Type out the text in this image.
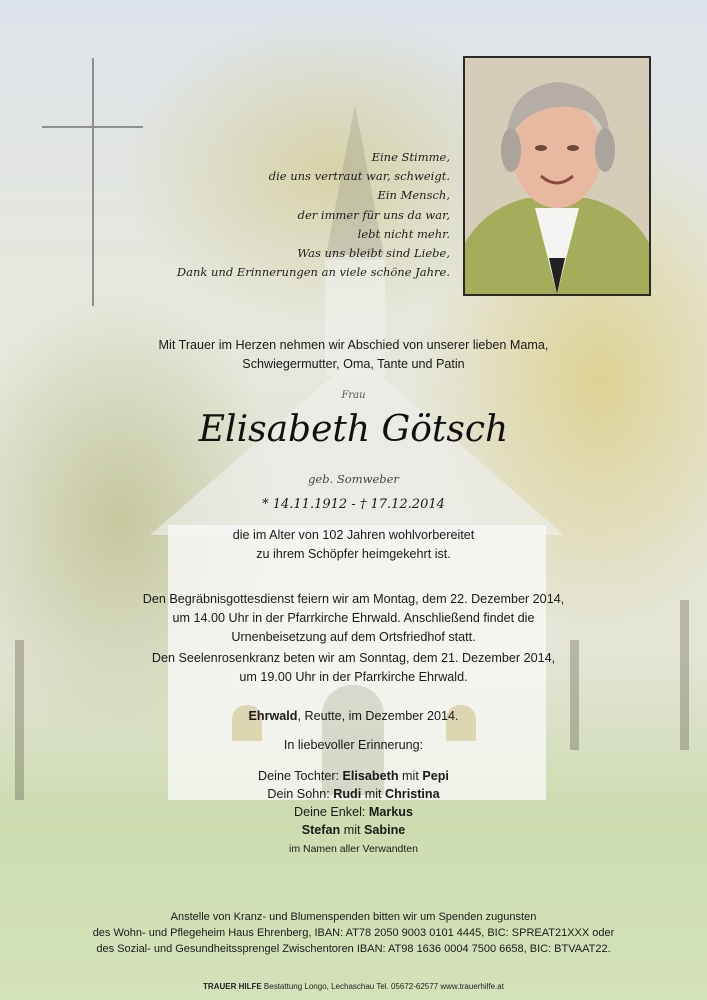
Eine Stimme,
die uns vertraut war, schweigt.
Ein Mensch,
der immer für uns da war,
lebt nicht mehr.
Was uns bleibt sind Liebe,
Dank und Erinnerungen an viele schöne Jahre.
Mit Trauer im Herzen nehmen wir Abschied von unserer lieben Mama,
Schwiegermutter, Oma, Tante und Patin
Frau
Elisabeth Götsch
geb. Somweber
* 14.11.1912 - † 17.12.2014
die im Alter von 102 Jahren wohlvorbereitet
zu ihrem Schöpfer heimgekehrt ist.
Den Begräbnisgottesdienst feiern wir am Montag, dem 22. Dezember 2014,
um 14.00 Uhr in der Pfarrkirche Ehrwald. Anschließend findet die
Urnenbeisetzung auf dem Ortsfriedhof statt.
Den Seelenrosenkranz beten wir am Sonntag, dem 21. Dezember 2014,
um 19.00 Uhr in der Pfarrkirche Ehrwald.
Ehrwald, Reutte, im Dezember 2014.
In liebevoller Erinnerung:
Deine Tochter: Elisabeth mit Pepi
Dein Sohn: Rudi mit Christina
Deine Enkel: Markus
Stefan mit Sabine
im Namen aller Verwandten
Anstelle von Kranz- und Blumenspenden bitten wir um Spenden zugunsten
des Wohn- und Pflegeheim Haus Ehrenberg, IBAN: AT78 2050 9003 0101 4445, BIC: SPREAT21XXX oder
des Sozial- und Gesundheitssprengel Zwischentoren IBAN: AT98 1636 0004 7500 6658, BIC: BTVAAT22.
TRAUER HILFE Bestattung Longo, Lechaschau Tel. 05672-62577 www.trauerhilfe.at
